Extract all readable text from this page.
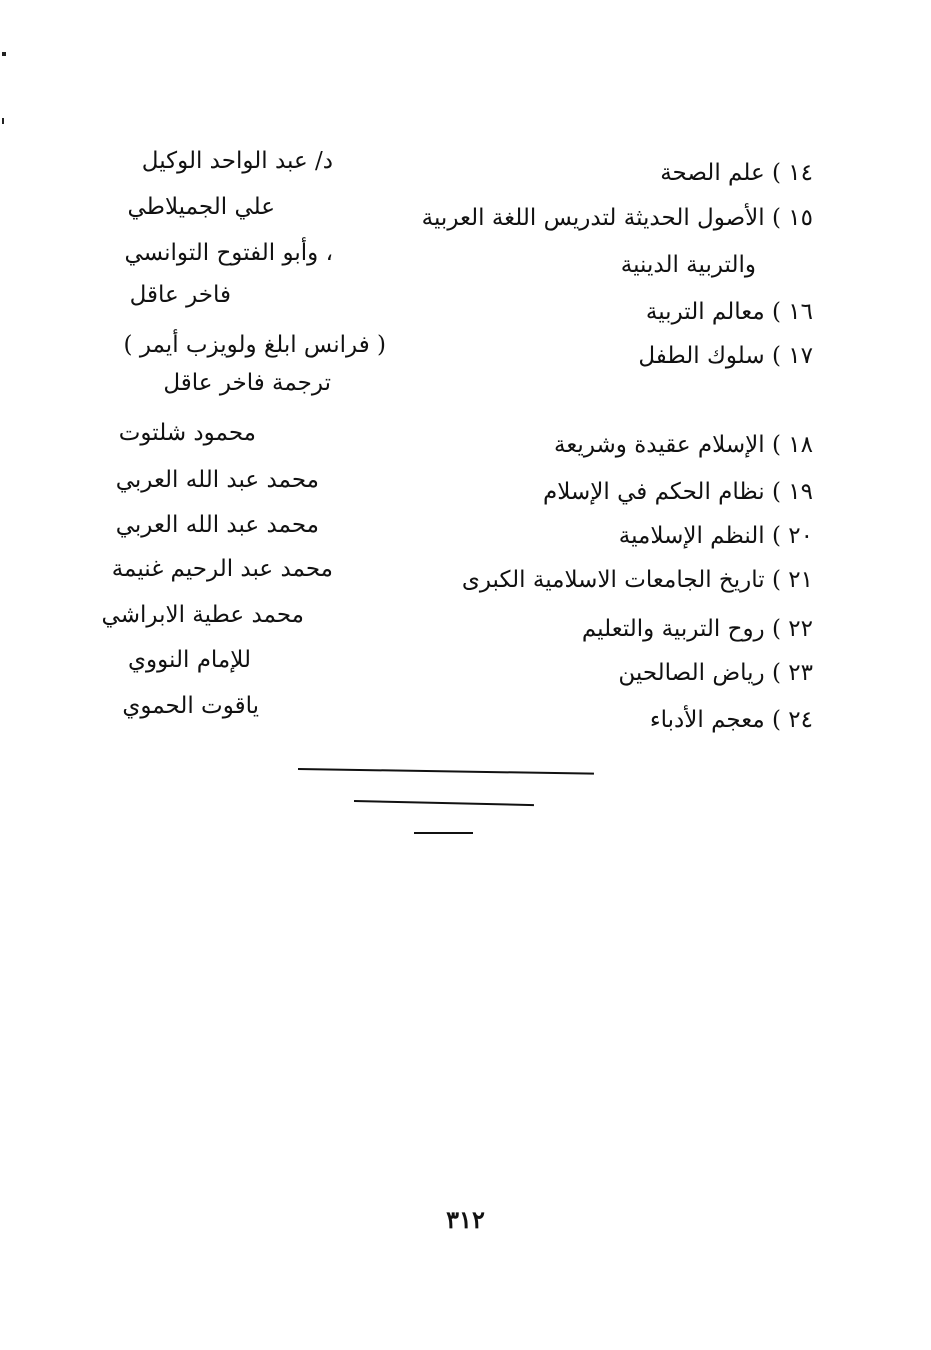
١٤ ) علم الصحة
د/ عبد الواحد الوكيل
١٥ ) الأصول الحديثة لتدريس اللغة العربية
والتربية الدينية
علي الجميلاطي
، وأبو الفتوح التوانسي
١٦ ) معالم التربية
فاخر عاقل
١٧ ) سلوك الطفل
( فرانس ابلغ ولويزب أيمر )
ترجمة فاخر عاقل
١٨ ) الإسلام عقيدة وشريعة
محمود شلتوت
١٩ ) نظام الحكم في الإسلام
محمد عبد الله العربي
٢٠ ) النظم الإسلامية
محمد عبد الله العربي
٢١ ) تاريخ الجامعات الاسلامية الكبرى
محمد عبد الرحيم غنيمة
٢٢ ) روح التربية والتعليم
محمد عطية الابراشي
٢٣ ) رياض الصالحين
للإمام النووي
٢٤ ) معجم الأدباء
ياقوت الحموي
٣١٢
